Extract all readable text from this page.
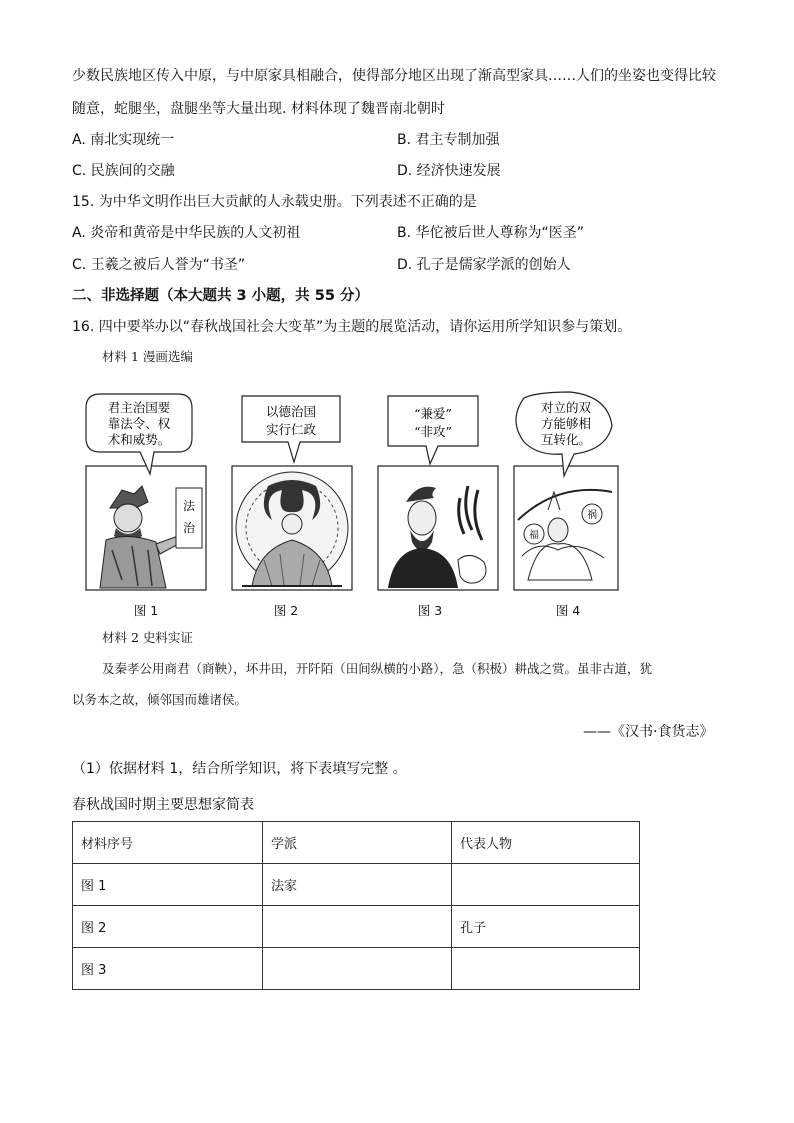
少数民族地区传入中原，与中原家具相融合，使得部分地区出现了渐高型家具……人们的坐姿也变得比较
随意，蛇腿坐，盘腿坐等大量出现. 材料体现了魏晋南北朝时
A. 南北实现统一	B. 君主专制加强
C. 民族间的交融	D. 经济快速发展
15. 为中华文明作出巨大贡献的人永载史册。下列表述不正确的是
A. 炎帝和黄帝是中华民族的人文初祖	B. 华佗被后世人尊称为“医圣”
C. 王羲之被后人誉为“书圣”	D. 孔子是儒家学派的创始人
二、非选择题（本大题共 3 小题，共 55 分）
16. 四中要举办以“春秋战国社会大变革”为主题的展览活动，请你运用所学知识参与策划。
材料 1 漫画选编
君主治国要
靠法令、权
术和威势。
法
治
以德治国
实行仁政
“兼爱”
“非攻”
对立的双
方能够相
互转化。
福
祸
图 1	图 2	图 3	图 4
材料 2 史料实证
及秦孝公用商君（商鞅），坏井田，开阡陌（田间纵横的小路），急（积极）耕战之赏。虽非古道，犹
以务本之故，倾邻国而雄诸侯。
——《汉书·食货志》
（1）依据材料 1，结合所学知识，将下表填写完整 。
春秋战国时期主要思想家简表
材料序号	学派	代表人物
图 1	法家	
图 2		孔子
图 3		
